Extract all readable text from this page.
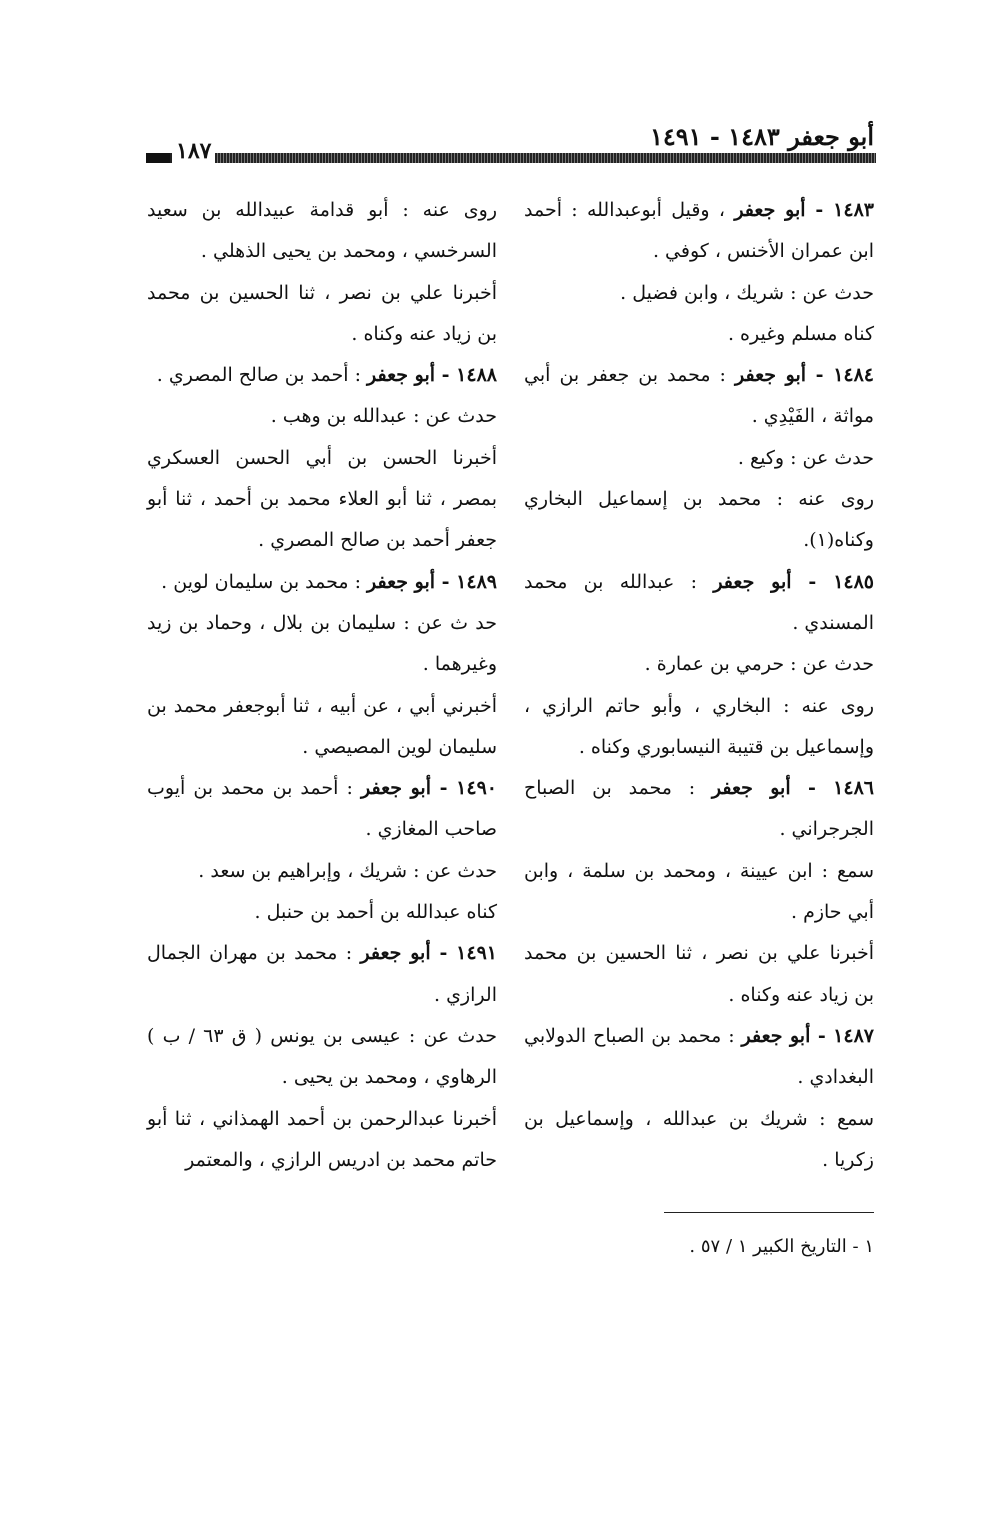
أبو جعفر ١٤٨٣ - ١٤٩١
١٨٧

١٤٨٣ - أبو جعفر ، وقيل أبوعبدالله : أحمد ابن عمران الأخنس ، كوفي .

حدث عن : شريك ، وابن فضيل .

كناه مسلم وغيره .

١٤٨٤ - أبو جعفر : محمد بن جعفر بن أبي مواثة ، الفَيْدِي .

حدث عن : وكيع .

روى عنه : محمد بن إسماعيل البخاري وكناه(١).

١٤٨٥ - أبو جعفر : عبدالله بن محمد المسندي .

حدث عن : حرمي بن عمارة .

روى عنه : البخاري ، وأبو حاتم الرازي ، وإسماعيل بن قتيبة النيسابوري وكناه .

١٤٨٦ - أبو جعفر : محمد بن الصباح الجرجراني .

سمع : ابن عيينة ، ومحمد بن سلمة ، وابن أبي حازم .

أخبرنا علي بن نصر ، ثنا الحسين بن محمد بن زياد عنه وكناه .

١٤٨٧ - أبو جعفر : محمد بن الصباح الدولابي البغدادي .

سمع : شريك بن عبدالله ، وإسماعيل بن زكريا .

روى عنه : أبو قدامة عبيدالله بن سعيد السرخسي ، ومحمد بن يحيى الذهلي .

أخبرنا علي بن نصر ، ثنا الحسين بن محمد بن زياد عنه وكناه .

١٤٨٨ - أبو جعفر : أحمد بن صالح المصري .

حدث عن : عبدالله بن وهب .

أخبرنا الحسن بن أبي الحسن العسكري بمصر ، ثنا أبو العلاء محمد بن أحمد ، ثنا أبو جعفر أحمد بن صالح المصري .

١٤٨٩ - أبو جعفر : محمد بن سليمان لوين .

حد ث عن : سليمان بن بلال ، وحماد بن زيد وغيرهما .

أخبرني أبي ، عن أبيه ، ثنا أبوجعفر محمد بن سليمان لوين المصيصي .

١٤٩٠ - أبو جعفر : أحمد بن محمد بن أيوب صاحب المغازي .

حدث عن : شريك ، وإبراهيم بن سعد .

كناه عبدالله بن أحمد بن حنبل .

١٤٩١ - أبو جعفر : محمد بن مهران الجمال الرازي .

حدث عن : عيسى بن يونس ( ق ٦٣ / ب ) الرهاوي ، ومحمد بن يحيى .

أخبرنا عبدالرحمن بن أحمد الهمذاني ، ثنا أبو حاتم محمد بن ادريس الرازي ، والمعتمر

١ - التاريخ الكبير ١ / ٥٧ .
